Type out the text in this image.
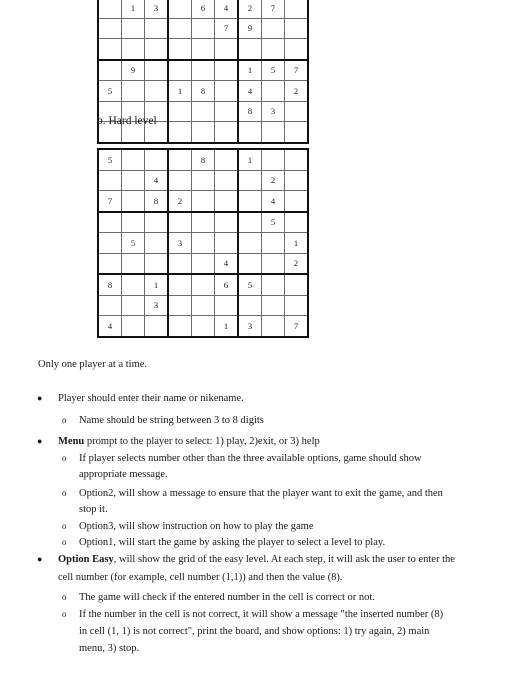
	1	3		6	4	2	7	
					7	9		

	9					1	5	7
5			1	8		4		2
						8	3	

b. Hard level
5				8		1		
		4					2	
7		8	2				4	
							5	
	5		3					1
					4			2
8		1			6	5		
		3						
4					1	3		7
Only one player at a time.
● Player should enter their name or nikename.
o Name should be string between 3 to 8 digits
● Menu prompt to the player to select: 1) play, 2)exit, or 3) help
o If player selects number other than the three available options, game should show
appropriate message.
o Option2, will show a message to ensure that the player want to exit the game, and then
stop it.
o Option3, will show instruction on how to play the game
o Option1, will start the game by asking the player to select a level to play.
● Option Easy, will show the grid of the easy level. At each step, it will ask the user to enter the
cell number (for example, cell number (1,1)) and then the value (8).
o The game will check if the entered number in the cell is correct or not.
o If the number in the cell is not correct, it will show a message "the inserted number (8)
in cell (1, 1) is not correct", print the board, and show options: 1) try again, 2) main
menu, 3) stop.
